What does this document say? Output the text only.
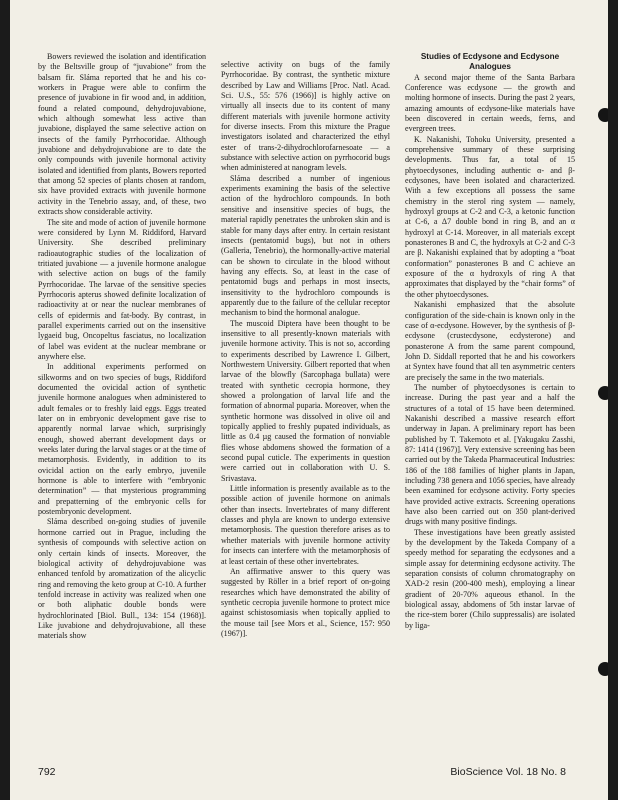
Bowers reviewed the isolation and identification by the Beltsville group of “juvabione” from the balsam fir. Sláma reported that he and his co-workers in Prague were able to confirm the presence of juvabione in fir wood and, in addition, found a related compound, dehydrojuvabione, which although somewhat less active than juvabione, displayed the same selective action on insects of the family Pyrrhocoridae. Although juvabione and dehydrojuvabione are to date the only compounds with juvenile hormonal activity isolated and identified from plants, Bowers reported that among 52 species of plants chosen at random, six have provided extracts with juvenile hormone activity in the Tenebrio assay, and, of these, two extracts show considerable activity.

The site and mode of action of juvenile hormone were considered by Lynn M. Riddiford, Harvard University. She described preliminary radioautographic studies of the localization of tritiated juvabione — a juvenile hormone analogue with selective action on bugs of the family Pyrrhocoridae. The larvae of the sensitive species Pyrrhocoris apterus showed definite localization of radioactivity at or near the nuclear membranes of cells of epidermis and fat-body. By contrast, in parallel experiments carried out on the insensitive lygaeid bug, Oncopeltus fasciatus, no localization of label was evident at the nuclear membrane or anywhere else.

In additional experiments performed on silkworms and on two species of bugs, Riddiford documented the ovicidal action of synthetic juvenile hormone analogues when administered to adult females or to freshly laid eggs. Eggs treated later on in embryonic development gave rise to apparently normal larvae which, surprisingly enough, showed aberrant development days or weeks later during the larval stages or at the time of metamorphosis. Evidently, in addition to its ovicidal action on the early embryo, juvenile hormone is able to interfere with “embryonic determination” — that mysterious programming and prepatterning of the embryonic cells for postembryonic development.

Sláma described on-going studies of juvenile hormone carried out in Prague, including the synthesis of compounds with selective action on only certain kinds of insects. Moreover, the biological activity of dehydrojuvabione was enhanced tenfold by aromatization of the alicyclic ring and removing the keto group at C-10. A further tenfold increase in activity was realized when one or both aliphatic double bonds were hydrochlorinated [Biol. Bull., 134: 154 (1968)]. Like juvabione and dehydrojuvabione, all these materials show

selective activity on bugs of the family Pyrrhocoridae. By contrast, the synthetic mixture described by Law and Williams [Proc. Natl. Acad. Sci. U.S., 55: 576 (1966)] is highly active on virtually all insects due to its content of many different materials with juvenile hormone activity for diverse insects. From this mixture the Prague investigators isolated and characterized the ethyl ester of trans-2-dihydrochlorofarnesoate — a substance with selective action on pyrrhocorid bugs when administered at nanogram levels.

Sláma described a number of ingenious experiments examining the basis of the selective action of the hydrochloro compounds. In both sensitive and insensitive species of bugs, the material rapidly penetrates the unbroken skin and is stable for many days after entry. In certain resistant insects (pentatomid bugs), but not in others (Galleria, Tenebrio), the hormonally-active material can be shown to circulate in the blood without having any effects. So, at least in the case of pentatomid bugs and perhaps in most insects, insensitivity to the hydrochloro compounds is apparently due to the failure of the cellular receptor mechanism to bind the hormonal analogue.

The muscoid Diptera have been thought to be insensitive to all presently-known materials with juvenile hormone activity. This is not so, according to experiments described by Lawrence I. Gilbert, Northwestern University. Gilbert reported that when larvae of the blowfly (Sarcophaga bullata) were treated with synthetic cecropia hormone, they showed a prolongation of larval life and the formation of abnormal puparia. Moreover, when the synthetic hormone was dissolved in olive oil and topically applied to freshly pupated individuals, as little as 0.4 µg caused the formation of nonviable flies whose abdomens showed the formation of a second pupal cuticle. The experiments in question were carried out in collaboration with U. S. Srivastava.

Little information is presently available as to the possible action of juvenile hormone on animals other than insects. Invertebrates of many different classes and phyla are known to undergo extensive metamorphosis. The question therefore arises as to whether materials with juvenile hormone activity for insects can interfere with the metamorphosis of at least certain of these other invertebrates.

An affirmative answer to this query was suggested by Röller in a brief report of on-going researches which have demonstrated the ability of synthetic cecropia juvenile hormone to protect mice against schistosomiasis when topically applied to the mouse tail [see Mors et al., Science, 157: 950 (1967)].

Studies of Ecdysone and Ecdysone Analogues

A second major theme of the Santa Barbara Conference was ecdysone — the growth and molting hormone of insects. During the past 2 years, amazing amounts of ecdysone-like materials have been discovered in certain weeds, ferns, and evergreen trees.

K. Nakanishi, Tohoku University, presented a comprehensive summary of these surprising developments. Thus far, a total of 15 phytoecdysones, including authentic α- and β-ecdysones, have been isolated and characterized. With a few exceptions all possess the same chemistry in the sterol ring system — namely, hydroxyl groups at C-2 and C-3, a ketonic function at C-6, a Δ7 double bond in ring B, and an α hydroxyl at C-14. Moreover, in all materials except ponasterones B and C, the hydroxyls at C-2 and C-3 are β. Nakanishi explained that by adopting a “boat conformation” ponasterones B and C achieve an exposure of the α hydroxyls of ring A that approximates that displayed by the “chair forms” of the other phytoecdysones.

Nakanishi emphasized that the absolute configuration of the side-chain is known only in the case of α-ecdysone. However, by the synthesis of β-ecdysone (crustecdysone, ecdysterone) and ponasterone A from the same parent compound, John D. Siddall reported that he and his coworkers at Syntex have found that all ten asymmetric centers are precisely the same in the two materials.

The number of phytoecdysones is certain to increase. During the past year and a half the structures of a total of 15 have been determined. Nakanishi described a massive research effort underway in Japan. A preliminary report has been published by T. Takemoto et al. [Yakugaku Zasshi, 87: 1414 (1967)]. Very extensive screening has been carried out by the Takeda Pharmaceutical Industries: 186 of the 188 families of higher plants in Japan, including 738 genera and 1056 species, have already been examined for ecdysone activity. Forty species have provided active extracts. Screening operations have also been carried out on 350 plant-derived drugs with many positive findings.

These investigations have been greatly assisted by the development by the Takeda Company of a speedy method for separating the ecdysones and a simple assay for determining ecdysone activity. The separation consists of column chromatography on XAD-2 resin (200-400 mesh), employing a linear gradient of 20-70% aqueous ethanol. In the biological assay, abdomens of 5th instar larvae of the rice-stem borer (Chilo suppressalis) are isolated by liga-

792	BioScience Vol. 18 No. 8
